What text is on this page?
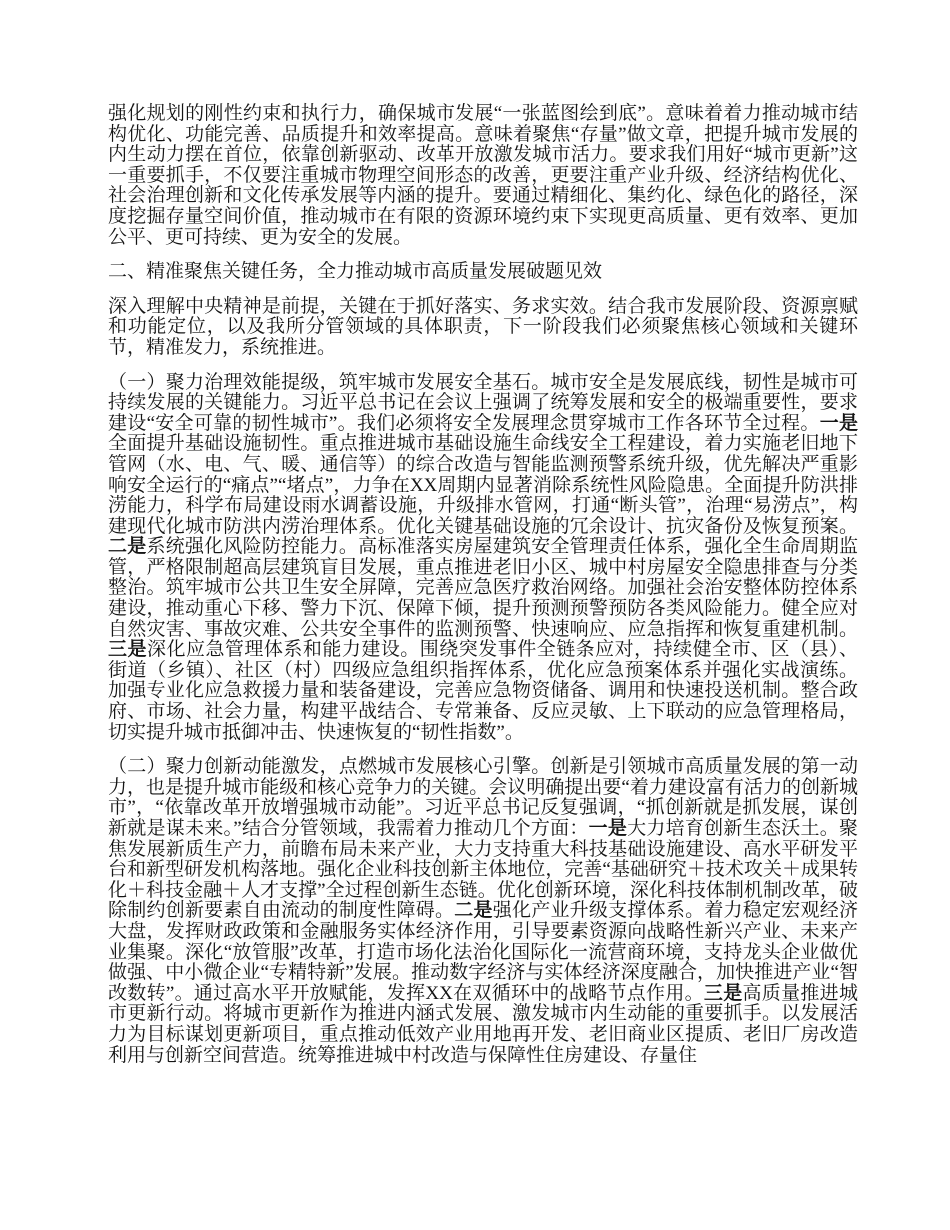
强化规划的刚性约束和执行力，确保城市发展“一张蓝图绘到底”。意味着着力推动城市结构优化、功能完善、品质提升和效率提高。意味着聚焦“存量”做文章，把提升城市发展的内生动力摆在首位，依靠创新驱动、改革开放激发城市活力。要求我们用好“城市更新”这一重要抓手，不仅要注重城市物理空间形态的改善，更要注重产业升级、经济结构优化、社会治理创新和文化传承发展等内涵的提升。要通过精细化、集约化、绿色化的路径，深度挖掘存量空间价值，推动城市在有限的资源环境约束下实现更高质量、更有效率、更加公平、更可持续、更为安全的发展。

二、精准聚焦关键任务，全力推动城市高质量发展破题见效

深入理解中央精神是前提，关键在于抓好落实、务求实效。结合我市发展阶段、资源禀赋和功能定位，以及我所分管领域的具体职责，下一阶段我们必须聚焦核心领域和关键环节，精准发力，系统推进。

（一）聚力治理效能提级，筑牢城市发展安全基石。城市安全是发展底线，韧性是城市可持续发展的关键能力。习近平总书记在会议上强调了统筹发展和安全的极端重要性，要求建设“安全可靠的韧性城市”。我们必须将安全发展理念贯穿城市工作各环节全过程。一是全面提升基础设施韧性。重点推进城市基础设施生命线安全工程建设，着力实施老旧地下管网（水、电、气、暖、通信等）的综合改造与智能监测预警系统升级，优先解决严重影响安全运行的“痛点”“堵点”，力争在XX周期内显著消除系统性风险隐患。全面提升防洪排涝能力，科学布局建设雨水调蓄设施，升级排水管网，打通“断头管”，治理“易涝点”，构建现代化城市防洪内涝治理体系。优化关键基础设施的冗余设计、抗灾备份及恢复预案。二是系统强化风险防控能力。高标准落实房屋建筑安全管理责任体系，强化全生命周期监管，严格限制超高层建筑盲目发展，重点推进老旧小区、城中村房屋安全隐患排查与分类整治。筑牢城市公共卫生安全屏障，完善应急医疗救治网络。加强社会治安整体防控体系建设，推动重心下移、警力下沉、保障下倾，提升预测预警预防各类风险能力。健全应对自然灾害、事故灾难、公共安全事件的监测预警、快速响应、应急指挥和恢复重建机制。三是深化应急管理体系和能力建设。围绕突发事件全链条应对，持续健全市、区（县）、街道（乡镇）、社区（村）四级应急组织指挥体系，优化应急预案体系并强化实战演练。加强专业化应急救援力量和装备建设，完善应急物资储备、调用和快速投送机制。整合政府、市场、社会力量，构建平战结合、专常兼备、反应灵敏、上下联动的应急管理格局，切实提升城市抵御冲击、快速恢复的“韧性指数”。

（二）聚力创新动能激发，点燃城市发展核心引擎。创新是引领城市高质量发展的第一动力，也是提升城市能级和核心竞争力的关键。会议明确提出要“着力建设富有活力的创新城市”，“依靠改革开放增强城市动能”。习近平总书记反复强调，“抓创新就是抓发展，谋创新就是谋未来。”结合分管领域，我需着力推动几个方面：一是大力培育创新生态沃土。聚焦发展新质生产力，前瞻布局未来产业，大力支持重大科技基础设施建设、高水平研发平台和新型研发机构落地。强化企业科技创新主体地位，完善“基础研究＋技术攻关＋成果转化＋科技金融＋人才支撑”全过程创新生态链。优化创新环境，深化科技体制机制改革，破除制约创新要素自由流动的制度性障碍。二是强化产业升级支撑体系。着力稳定宏观经济大盘，发挥财政政策和金融服务实体经济作用，引导要素资源向战略性新兴产业、未来产业集聚。深化“放管服”改革，打造市场化法治化国际化一流营商环境，支持龙头企业做优做强、中小微企业“专精特新”发展。推动数字经济与实体经济深度融合，加快推进产业“智改数转”。通过高水平开放赋能，发挥XX在双循环中的战略节点作用。三是高质量推进城市更新行动。将城市更新作为推进内涵式发展、激发城市内生动能的重要抓手。以发展活力为目标谋划更新项目，重点推动低效产业用地再开发、老旧商业区提质、老旧厂房改造利用与创新空间营造。统筹推进城中村改造与保障性住房建设、存量住
